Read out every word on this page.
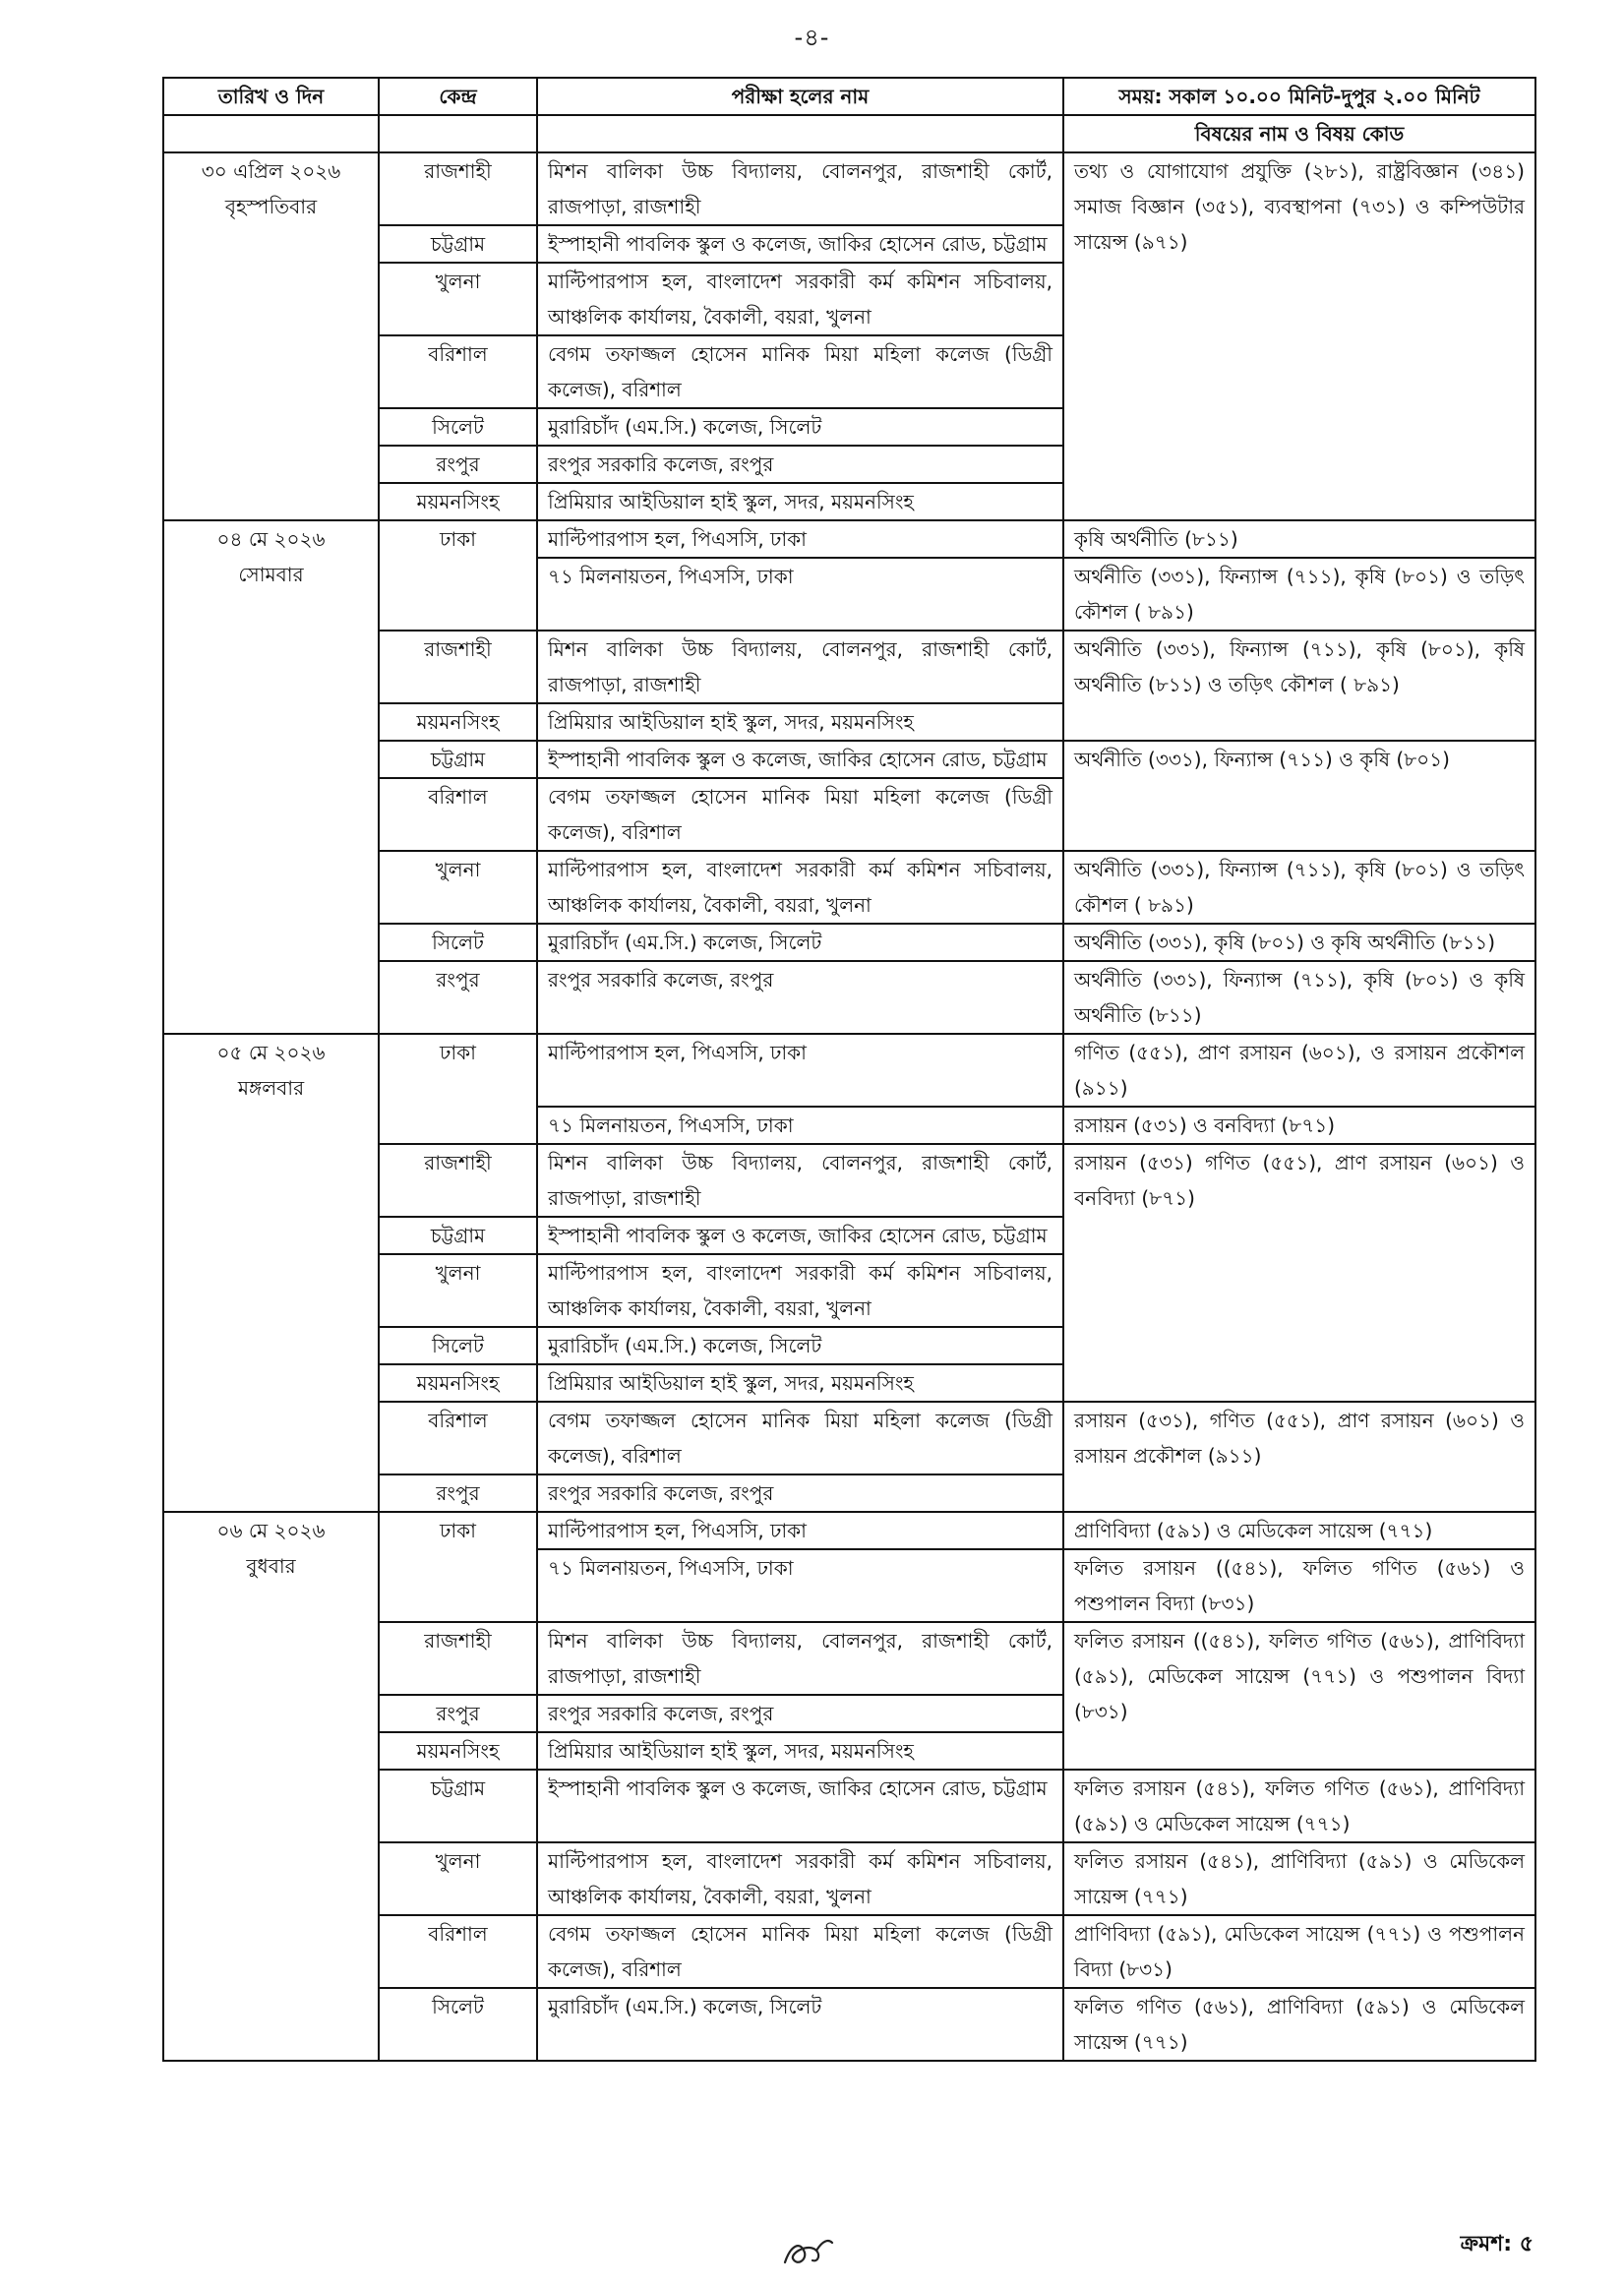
-৪-
তারিখ ও দিন	কেন্দ্র	পরীক্ষা হলের নাম	সময়: সকাল ১০.০০ মিনিট-দুপুর ২.০০ মিনিট
			বিষয়ের নাম ও বিষয় কোড

৩০ এপ্রিল ২০২৬
বৃহস্পতিবার	রাজশাহী	মিশন বালিকা উচ্চ বিদ্যালয়, বোলনপুর, রাজশাহী কোর্ট, রাজপাড়া, রাজশাহী	তথ্য ও যোগাযোগ প্রযুক্তি (২৮১), রাষ্ট্রবিজ্ঞান (৩৪১) সমাজ বিজ্ঞান (৩৫১), ব্যবস্থাপনা (৭৩১) ও কম্পিউটার সায়েন্স (৯৭১)
	চট্টগ্রাম	ইস্পাহানী পাবলিক স্কুল ও কলেজ, জাকির হোসেন রোড, চট্টগ্রাম	
	খুলনা	মাল্টিপারপাস হল, বাংলাদেশ সরকারী কর্ম কমিশন সচিবালয়, আঞ্চলিক কার্যালয়, বৈকালী, বয়রা, খুলনা	
	বরিশাল	বেগম তফাজ্জল হোসেন মানিক মিয়া মহিলা কলেজ (ডিগ্রী কলেজ), বরিশাল	
	সিলেট	মুরারিচাঁদ (এম.সি.) কলেজ, সিলেট	
	রংপুর	রংপুর সরকারি কলেজ, রংপুর	
	ময়মনসিংহ	প্রিমিয়ার আইডিয়াল হাই স্কুল, সদর, ময়মনসিংহ	

০৪ মে ২০২৬
সোমবার	ঢাকা	মাল্টিপারপাস হল, পিএসসি, ঢাকা	কৃষি অর্থনীতি (৮১১)
		৭১ মিলনায়তন, পিএসসি, ঢাকা	অর্থনীতি (৩৩১), ফিন্যান্স (৭১১), কৃষি (৮০১) ও তড়িৎ কৌশল ( ৮৯১)
	রাজশাহী	মিশন বালিকা উচ্চ বিদ্যালয়, বোলনপুর, রাজশাহী কোর্ট, রাজপাড়া, রাজশাহী	অর্থনীতি (৩৩১), ফিন্যান্স (৭১১), কৃষি (৮০১), কৃষি অর্থনীতি (৮১১) ও তড়িৎ কৌশল ( ৮৯১)
	ময়মনসিংহ	প্রিমিয়ার আইডিয়াল হাই স্কুল, সদর, ময়মনসিংহ	
	চট্টগ্রাম	ইস্পাহানী পাবলিক স্কুল ও কলেজ, জাকির হোসেন রোড, চট্টগ্রাম	অর্থনীতি (৩৩১), ফিন্যান্স (৭১১) ও কৃষি (৮০১)
	বরিশাল	বেগম তফাজ্জল হোসেন মানিক মিয়া মহিলা কলেজ (ডিগ্রী কলেজ), বরিশাল	
	খুলনা	মাল্টিপারপাস হল, বাংলাদেশ সরকারী কর্ম কমিশন সচিবালয়, আঞ্চলিক কার্যালয়, বৈকালী, বয়রা, খুলনা	অর্থনীতি (৩৩১), ফিন্যান্স (৭১১), কৃষি (৮০১) ও তড়িৎ কৌশল ( ৮৯১)
	সিলেট	মুরারিচাঁদ (এম.সি.) কলেজ, সিলেট	অর্থনীতি (৩৩১), কৃষি (৮০১) ও কৃষি অর্থনীতি (৮১১)
	রংপুর	রংপুর সরকারি কলেজ, রংপুর	অর্থনীতি (৩৩১), ফিন্যান্স (৭১১), কৃষি (৮০১) ও কৃষি অর্থনীতি (৮১১)

০৫ মে ২০২৬
মঙ্গলবার	ঢাকা	মাল্টিপারপাস হল, পিএসসি, ঢাকা	গণিত (৫৫১), প্রাণ রসায়ন (৬০১), ও রসায়ন প্রকৌশল (৯১১)
		৭১ মিলনায়তন, পিএসসি, ঢাকা	রসায়ন (৫৩১) ও বনবিদ্যা (৮৭১)
	রাজশাহী	মিশন বালিকা উচ্চ বিদ্যালয়, বোলনপুর, রাজশাহী কোর্ট, রাজপাড়া, রাজশাহী	রসায়ন (৫৩১) গণিত (৫৫১), প্রাণ রসায়ন (৬০১) ও বনবিদ্যা (৮৭১)
	চট্টগ্রাম	ইস্পাহানী পাবলিক স্কুল ও কলেজ, জাকির হোসেন রোড, চট্টগ্রাম	
	খুলনা	মাল্টিপারপাস হল, বাংলাদেশ সরকারী কর্ম কমিশন সচিবালয়, আঞ্চলিক কার্যালয়, বৈকালী, বয়রা, খুলনা	
	সিলেট	মুরারিচাঁদ (এম.সি.) কলেজ, সিলেট	
	ময়মনসিংহ	প্রিমিয়ার আইডিয়াল হাই স্কুল, সদর, ময়মনসিংহ	
	বরিশাল	বেগম তফাজ্জল হোসেন মানিক মিয়া মহিলা কলেজ (ডিগ্রী কলেজ), বরিশাল	রসায়ন (৫৩১), গণিত (৫৫১), প্রাণ রসায়ন (৬০১) ও রসায়ন প্রকৌশল (৯১১)
	রংপুর	রংপুর সরকারি কলেজ, রংপুর	

০৬ মে ২০২৬
বুধবার	ঢাকা	মাল্টিপারপাস হল, পিএসসি, ঢাকা	প্রাণিবিদ্যা (৫৯১) ও মেডিকেল সায়েন্স (৭৭১)
		৭১ মিলনায়তন, পিএসসি, ঢাকা	ফলিত রসায়ন ((৫৪১), ফলিত গণিত (৫৬১) ও পশুপালন বিদ্যা (৮৩১)
	রাজশাহী	মিশন বালিকা উচ্চ বিদ্যালয়, বোলনপুর, রাজশাহী কোর্ট, রাজপাড়া, রাজশাহী	ফলিত রসায়ন ((৫৪১), ফলিত গণিত (৫৬১), প্রাণিবিদ্যা (৫৯১), মেডিকেল সায়েন্স (৭৭১) ও পশুপালন বিদ্যা (৮৩১)
	রংপুর	রংপুর সরকারি কলেজ, রংপুর	
	ময়মনসিংহ	প্রিমিয়ার আইডিয়াল হাই স্কুল, সদর, ময়মনসিংহ	
	চট্টগ্রাম	ইস্পাহানী পাবলিক স্কুল ও কলেজ, জাকির হোসেন রোড, চট্টগ্রাম	ফলিত রসায়ন (৫৪১), ফলিত গণিত (৫৬১), প্রাণিবিদ্যা (৫৯১) ও মেডিকেল সায়েন্স (৭৭১)
	খুলনা	মাল্টিপারপাস হল, বাংলাদেশ সরকারী কর্ম কমিশন সচিবালয়, আঞ্চলিক কার্যালয়, বৈকালী, বয়রা, খুলনা	ফলিত রসায়ন (৫৪১), প্রাণিবিদ্যা (৫৯১) ও মেডিকেল সায়েন্স (৭৭১)
	বরিশাল	বেগম তফাজ্জল হোসেন মানিক মিয়া মহিলা কলেজ (ডিগ্রী কলেজ), বরিশাল	প্রাণিবিদ্যা (৫৯১), মেডিকেল সায়েন্স (৭৭১) ও পশুপালন বিদ্যা (৮৩১)
	সিলেট	মুরারিচাঁদ (এম.সি.) কলেজ, সিলেট	ফলিত গণিত (৫৬১), প্রাণিবিদ্যা (৫৯১) ও মেডিকেল সায়েন্স (৭৭১)
ক্রমশ: ৫
